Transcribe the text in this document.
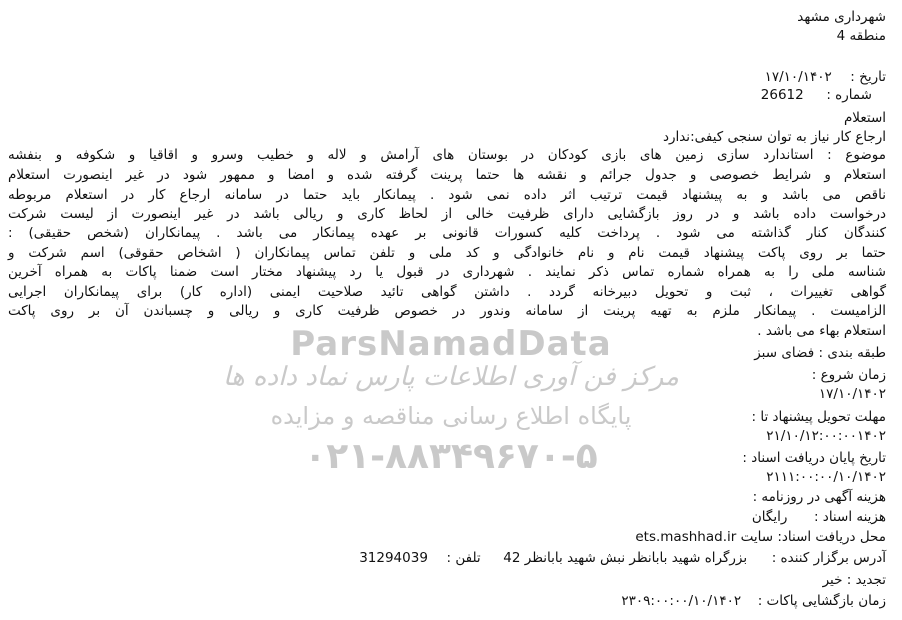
ParsNamadData
مرکز فن آوری اطلاعات پارس نماد داده ها
پایگاه اطلاع رسانی مناقصه و مزایده
۰۲۱-۸۸۳۴۹۶۷۰-۵
شهرداری مشهد
منطقه 4
تاریخ :  ۱۷/۱۰/۱۴۰۲
شماره :  26612
استعلام
ارجاع کار نیاز به توان سنجی کیفی:ندارد
موضوع : استاندارد سازی زمین های بازی کودکان در بوستان های آرامش و لاله و خطیب وسرو و اقاقیا و شکوفه و بنفشه
استعلام و شرایط خصوصی و جدول جرائم و نقشه ها حتما پرینت گرفته شده و امضا و ممهور شود در غیر اینصورت استعلام
ناقص می باشد و به پیشنهاد قیمت ترتیب اثر داده نمی شود . پیمانکار باید حتما در سامانه ارجاع کار در استعلام مربوطه
درخواست داده باشد و در روز بازگشایی دارای ظرفیت خالی از لحاظ کاری و ریالی باشد در غیر اینصورت از لیست شرکت
کنندگان کنار گذاشته می شود . پرداخت کلیه کسورات قانونی بر عهده پیمانکار می باشد . پیمانکاران (شخص حقیقی) :
حتما بر روی پاکت پیشنهاد قیمت نام و نام خانوادگی و کد ملی و تلفن تماس پیمانکاران ( اشخاص حقوقی) اسم شرکت و
شناسه ملی را به همراه شماره تماس ذکر نمایند . شهرداری در قبول یا رد پیشنهاد مختار است ضمنا پاکات به همراه آخرین
گواهی تغییرات ، ثبت و تحویل دبیرخانه گردد . داشتن گواهی تائید صلاحیت ایمنی (اداره کار) برای پیمانکاران اجرایی
الزامیست . پیمانکار ملزم به تهیه پرینت از سامانه وندور در خصوص ظرفیت کاری و ریالی و چسباندن آن بر روی پاکت
استعلام بهاء می باشد .
طبقه بندی : فضای سبز
زمان شروع :
۱۷/۱۰/۱۴۰۲
مهلت تحویل پیشنهاد تا :
۲۱/۱۰/۱۲:۰۰:۰۰۱۴۰۲
تاریخ پایان دریافت اسناد :
۲۱۱۱:۰۰:۰۰/۱۰/۱۴۰۲
هزینه آگهی در روزنامه :
هزینه اسناد :  رایگان
محل دریافت اسناد: سایت ets.mashhad.ir
آدرس برگزار کننده :  بزرگراه شهید بابانظر نبش شهید بابانظر 42  تلفن :  31294039
تجدید : خیر
زمان بازگشایی پاکات :  ۲۳۰۹:۰۰:۰۰/۱۰/۱۴۰۲
